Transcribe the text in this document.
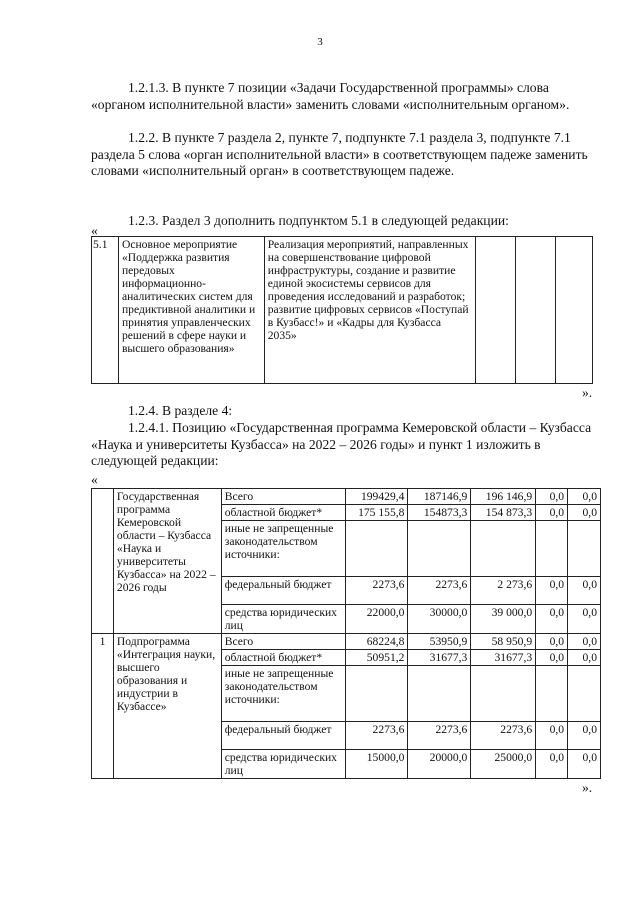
3

1.2.1.3. В пункте 7 позиции «Задачи Государственной программы» слова «органом исполнительной власти» заменить словами «исполнительным органом».

1.2.2. В пункте 7 раздела 2, пункте 7, подпункте 7.1 раздела 3, подпункте 7.1 раздела 5 слова «орган исполнительной власти» в соответствующем падеже заменить словами «исполнительный орган» в соответствующем падеже.

1.2.3. Раздел 3 дополнить подпунктом 5.1 в следующей редакции:

«
5.1	Основное мероприятие «Поддержка развития передовых информационно-аналитических систем для предиктивной аналитики и принятия управленческих решений в сфере науки и высшего образования»	Реализация мероприятий, направленных на совершенствование цифровой инфраструктуры, создание и развитие единой экосистемы сервисов для проведения исследований и разработок; развитие цифровых сервисов «Поступай в Кузбасс!» и «Кадры для Кузбасса 2035»			
».

1.2.4. В разделе 4:

1.2.4.1. Позицию «Государственная программа Кемеровской области – Кузбасса «Наука и университеты Кузбасса» на 2022 – 2026 годы» и пункт 1 изложить в следующей редакции:

«
	Государственная программа Кемеровской области – Кузбасса «Наука и университеты Кузбасса» на 2022 – 2026 годы	Всего	199429,4	187146,9	196 146,9	0,0	0,0
		областной бюджет*	175 155,8	154873,3	154 873,3	0,0	0,0
		иные не запрещенные законодательством источники:					
		федеральный бюджет	2273,6	2273,6	2 273,6	0,0	0,0
		средства юридических лиц	22000,0	30000,0	39 000,0	0,0	0,0
1	Подпрограмма «Интеграция науки, высшего образования и индустрии в Кузбассе»	Всего	68224,8	53950,9	58 950,9	0,0	0,0
		областной бюджет*	50951,2	31677,3	31677,3	0,0	0,0
		иные не запрещенные законодательством источники:					
		федеральный бюджет	2273,6	2273,6	2273,6	0,0	0,0
		средства юридических лиц	15000,0	20000,0	25000,0	0,0	0,0
».
